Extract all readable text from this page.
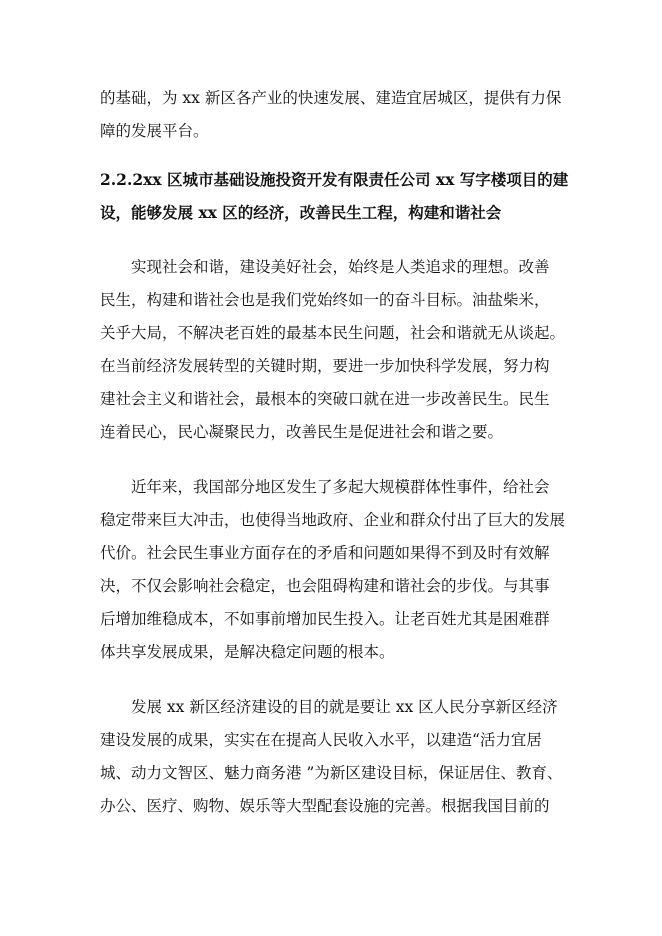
的基础，为 xx 新区各产业的快速发展、建造宜居城区，提供有力保
障的发展平台。
2.2.2xx 区城市基础设施投资开发有限责任公司 xx 写字楼项目的建
设，能够发展 xx 区的经济，改善民生工程，构建和谐社会
实现社会和谐，建设美好社会，始终是人类追求的理想。改善
民生，构建和谐社会也是我们党始终如一的奋斗目标。油盐柴米，
关乎大局，不解决老百姓的最基本民生问题，社会和谐就无从谈起。
在当前经济发展转型的关键时期，要进一步加快科学发展，努力构
建社会主义和谐社会，最根本的突破口就在进一步改善民生。民生
连着民心，民心凝聚民力，改善民生是促进社会和谐之要。
近年来，我国部分地区发生了多起大规模群体性事件，给社会
稳定带来巨大冲击，也使得当地政府、企业和群众付出了巨大的发展
代价。社会民生事业方面存在的矛盾和问题如果得不到及时有效解
决，不仅会影响社会稳定，也会阻碍构建和谐社会的步伐。与其事
后增加维稳成本，不如事前增加民生投入。让老百姓尤其是困难群
体共享发展成果，是解决稳定问题的根本。
发展 xx 新区经济建设的目的就是要让 xx 区人民分享新区经济
建设发展的成果，实实在在提高人民收入水平，以建造“活力宜居
城、动力文智区、魅力商务港 ”为新区建设目标，保证居住、教育、
办公、医疗、购物、娱乐等大型配套设施的完善。根据我国目前的
